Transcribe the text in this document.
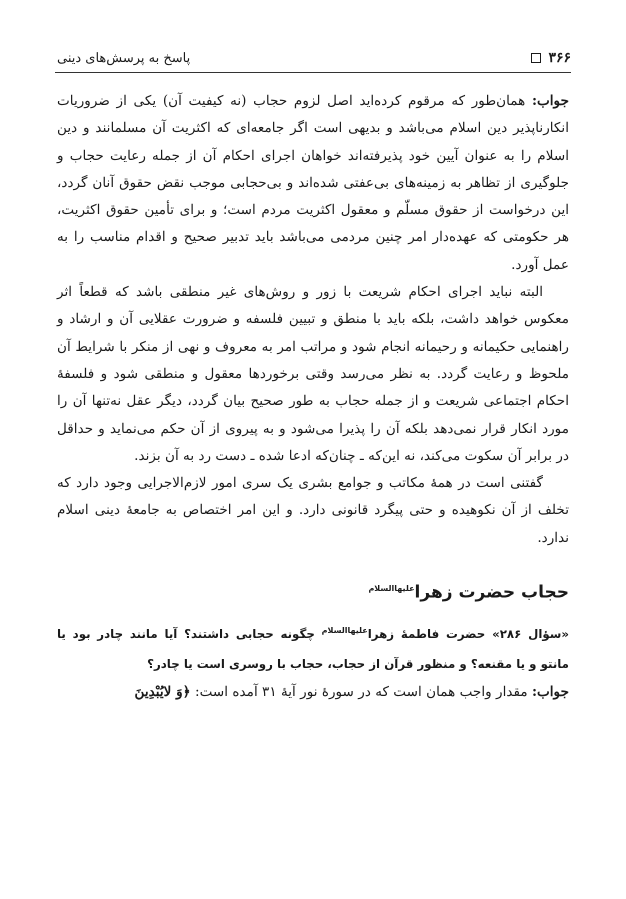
۳۶۶
پاسخ به پرسش‌های دینی

جواب: همان‌طور که مرقوم کرده‌اید اصل لزوم حجاب (نه کیفیت آن) یکی از ضروریات انکارناپذیر دین اسلام می‌باشد و بدیهی است اگر جامعه‌ای که اکثریت آن مسلمانند و دین اسلام را به عنوان آیین خود پذیرفته‌اند خواهان اجرای احکام آن از جمله رعایت حجاب و جلوگیری از تظاهر به زمینه‌های بی‌عفتی شده‌اند و بی‌حجابی موجب نقض حقوق آنان گردد، این درخواست از حقوق مسلّم و معقول اکثریت مردم است؛ و برای تأمین حقوق اکثریت، هر حکومتی که عهده‌دار امر چنین مردمی می‌باشد باید تدبیر صحیح و اقدام مناسب را به عمل آورد.

البته نباید اجرای احکام شریعت با زور و روش‌های غیر منطقی باشد که قطعاً اثر معکوس خواهد داشت، بلکه باید با منطق و تبیین فلسفه و ضرورت عقلایی آن و ارشاد و راهنمایی حکیمانه و رحیمانه انجام شود و مراتب امر به معروف و نهی از منکر با شرایط آن ملحوظ و رعایت گردد. به نظر می‌رسد وقتی برخوردها معقول و منطقی شود و فلسفهٔ احکام اجتماعی شریعت و از جمله حجاب به طور صحیح بیان گردد، دیگر عقل نه‌تنها آن را مورد انکار قرار نمی‌دهد بلکه آن را پذیرا می‌شود و به پیروی از آن حکم می‌نماید و حداقل در برابر آن سکوت می‌کند، نه این‌که ـ چنان‌که ادعا شده ـ دست رد به آن بزند.

گفتنی است در همهٔ مکاتب و جوامع بشری یک سری امور لازم‌الاجرایی وجود دارد که تخلف از آن نکوهیده و حتی پیگرد قانونی دارد. و این امر اختصاص به جامعهٔ دینی اسلام ندارد.

حجاب حضرت زهرا$^{علیهاالسلام}$

«سؤال ۲۸۶» حضرت فاطمهٔ زهرا$^{علیهاالسلام}$ چگونه حجابی داشتند؟ آیا مانند چادر بود یا مانتو و یا مقنعه؟ و منظور قرآن از حجاب، حجاب با روسری است یا چادر؟

جواب: مقدار واجب همان است که در سورهٔ نور آیهٔ ۳۱ آمده است: ﴿وَ لایُبْدِینَ
